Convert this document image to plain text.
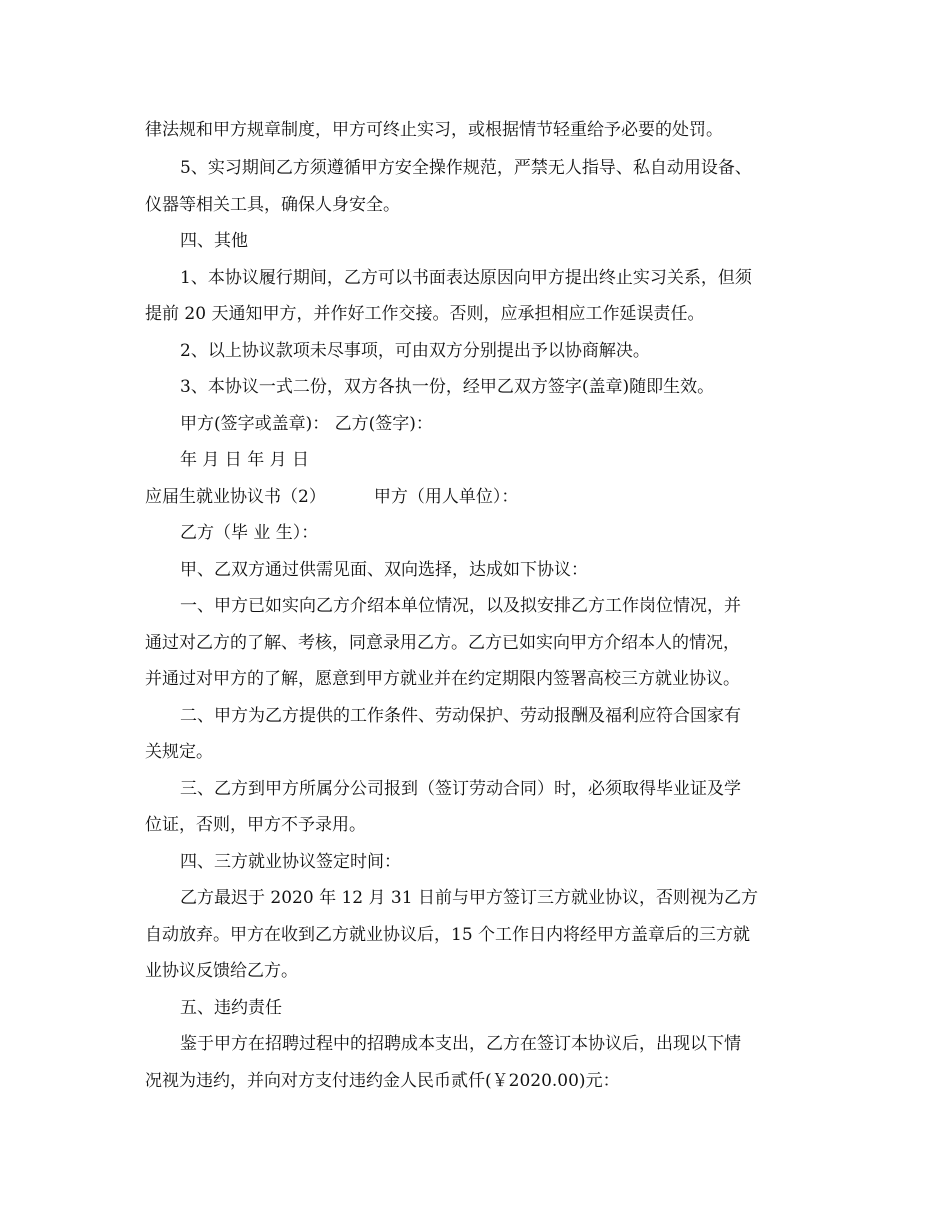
律法规和甲方规章制度，甲方可终止实习，或根据情节轻重给予必要的处罚。
5、实习期间乙方须遵循甲方安全操作规范，严禁无人指导、私自动用设备、
仪器等相关工具，确保人身安全。
四、其他
1、本协议履行期间，乙方可以书面表达原因向甲方提出终止实习关系，但须
提前 20 天通知甲方，并作好工作交接。否则，应承担相应工作延误责任。
2、以上协议款项未尽事项，可由双方分别提出予以协商解决。
3、本协议一式二份，双方各执一份，经甲乙双方签字(盖章)随即生效。
甲方(签字或盖章)： 乙方(签字)：
年 月 日 年 月 日
应届生就业协议书（2）	甲方（用人单位）：
乙方（毕 业 生）：
甲、乙双方通过供需见面、双向选择，达成如下协议：
一、甲方已如实向乙方介绍本单位情况，以及拟安排乙方工作岗位情况，并
通过对乙方的了解、考核，同意录用乙方。乙方已如实向甲方介绍本人的情况，
并通过对甲方的了解，愿意到甲方就业并在约定期限内签署高校三方就业协议。
二、甲方为乙方提供的工作条件、劳动保护、劳动报酬及福利应符合国家有
关规定。
三、乙方到甲方所属分公司报到（签订劳动合同）时，必须取得毕业证及学
位证，否则，甲方不予录用。
四、三方就业协议签定时间：
乙方最迟于 2020 年 12 月 31 日前与甲方签订三方就业协议，否则视为乙方
自动放弃。甲方在收到乙方就业协议后，15 个工作日内将经甲方盖章后的三方就
业协议反馈给乙方。
五、违约责任
鉴于甲方在招聘过程中的招聘成本支出，乙方在签订本协议后，出现以下情
况视为违约，并向对方支付违约金人民币贰仟(￥2020.00)元：
